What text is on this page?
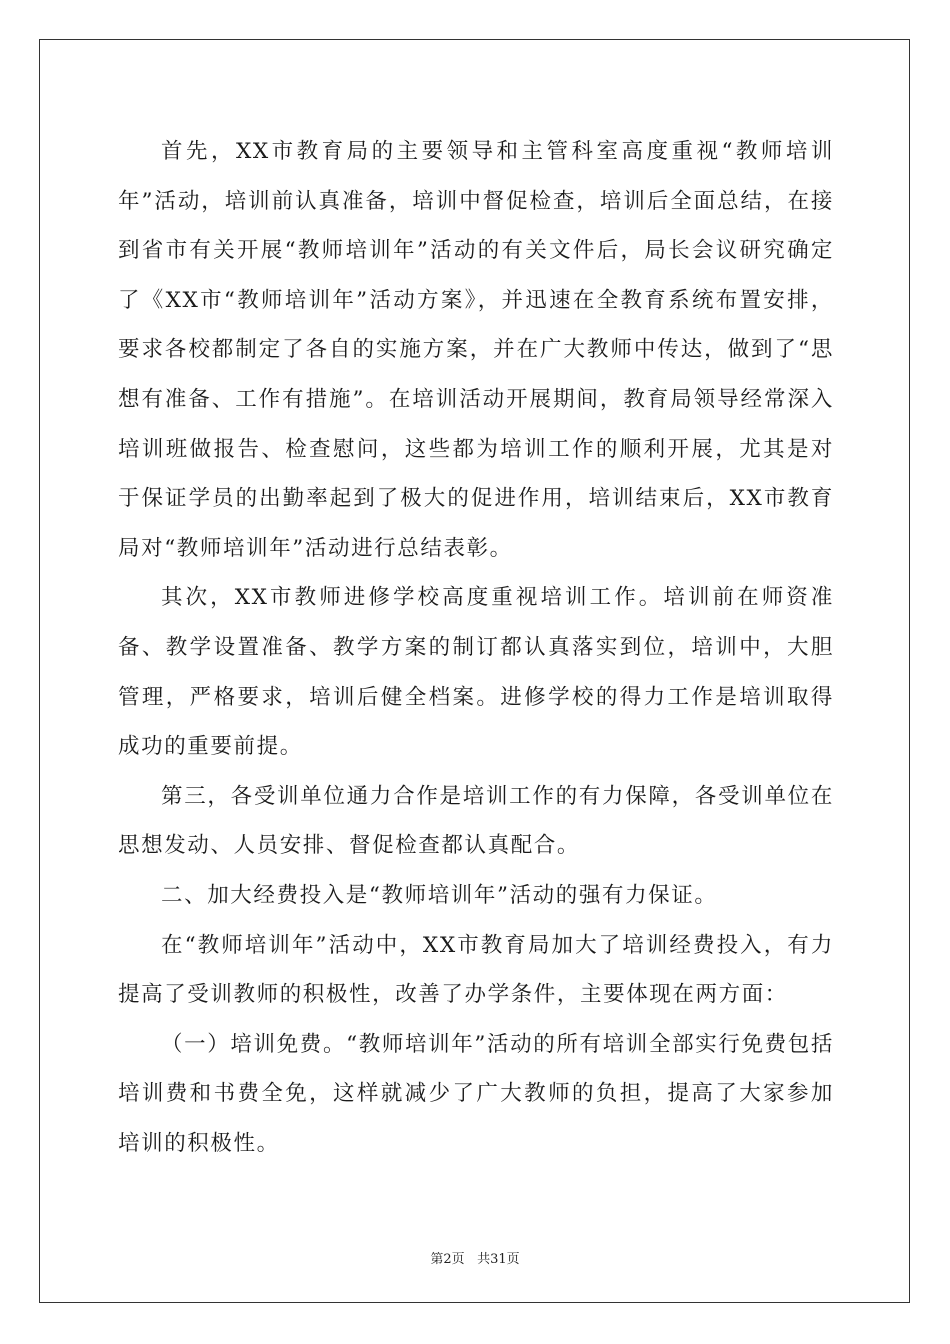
首先，XX市教育局的主要领导和主管科室高度重视“教师培训年”活动，培训前认真准备，培训中督促检查，培训后全面总结，在接到省市有关开展“教师培训年”活动的有关文件后，局长会议研究确定了《XX市“教师培训年”活动方案》，并迅速在全教育系统布置安排，要求各校都制定了各自的实施方案，并在广大教师中传达，做到了“思想有准备、工作有措施”。在培训活动开展期间，教育局领导经常深入培训班做报告、检查慰问，这些都为培训工作的顺利开展，尤其是对于保证学员的出勤率起到了极大的促进作用，培训结束后，XX市教育局对“教师培训年”活动进行总结表彰。

其次，XX市教师进修学校高度重视培训工作。培训前在师资准备、教学设置准备、教学方案的制订都认真落实到位，培训中，大胆管理，严格要求，培训后健全档案。进修学校的得力工作是培训取得成功的重要前提。

第三，各受训单位通力合作是培训工作的有力保障，各受训单位在思想发动、人员安排、督促检查都认真配合。

二、加大经费投入是“教师培训年”活动的强有力保证。

在“教师培训年”活动中，XX市教育局加大了培训经费投入，有力提高了受训教师的积极性，改善了办学条件，主要体现在两方面：

（一）培训免费。“教师培训年”活动的所有培训全部实行免费包括培训费和书费全免，这样就减少了广大教师的负担，提高了大家参加培训的积极性。

第2页 共31页
